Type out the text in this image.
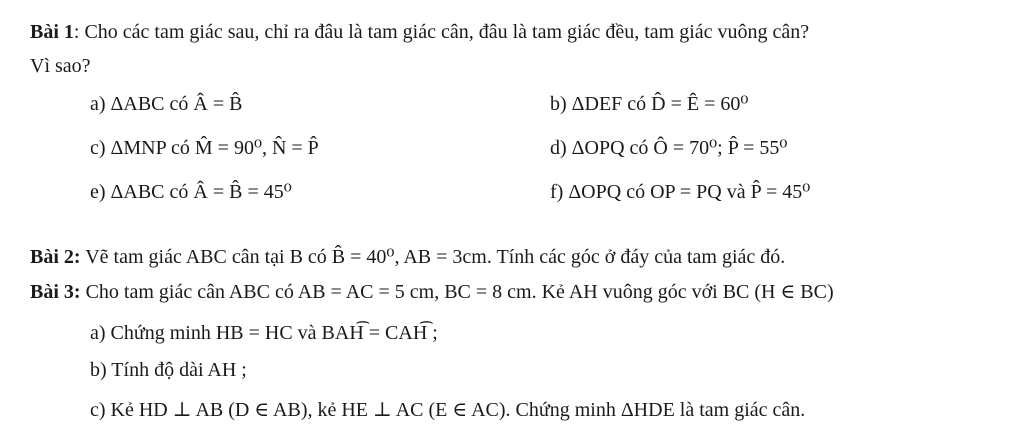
Bài 1: Cho các tam giác sau, chỉ ra đâu là tam giác cân, đâu là tam giác đều, tam giác vuông cân?
Vì sao?
a) ΔABC có Â = B̂	b) ΔDEF có D̂ = Ê = 60⁰
c) ΔMNP có M̂ = 90⁰, N̂ = P̂	d) ΔOPQ có Ô = 70⁰; P̂ = 55⁰
e) ΔABC có Â = B̂ = 45⁰	f) ΔOPQ có OP = PQ và P̂ = 45⁰
Bài 2: Vẽ tam giác ABC cân tại B có B̂ = 40⁰, AB = 3cm. Tính các góc ở đáy của tam giác đó.
Bài 3: Cho tam giác cân ABC có AB = AC = 5 cm, BC = 8 cm. Kẻ AH vuông góc với BC (H ∈ BC)
a) Chứng minh HB = HC và BAH͡ = CAH͡ ;
b) Tính độ dài AH ;
c) Kẻ HD ⊥ AB (D ∈ AB), kẻ HE ⊥ AC (E ∈ AC). Chứng minh ΔHDE là tam giác cân.
